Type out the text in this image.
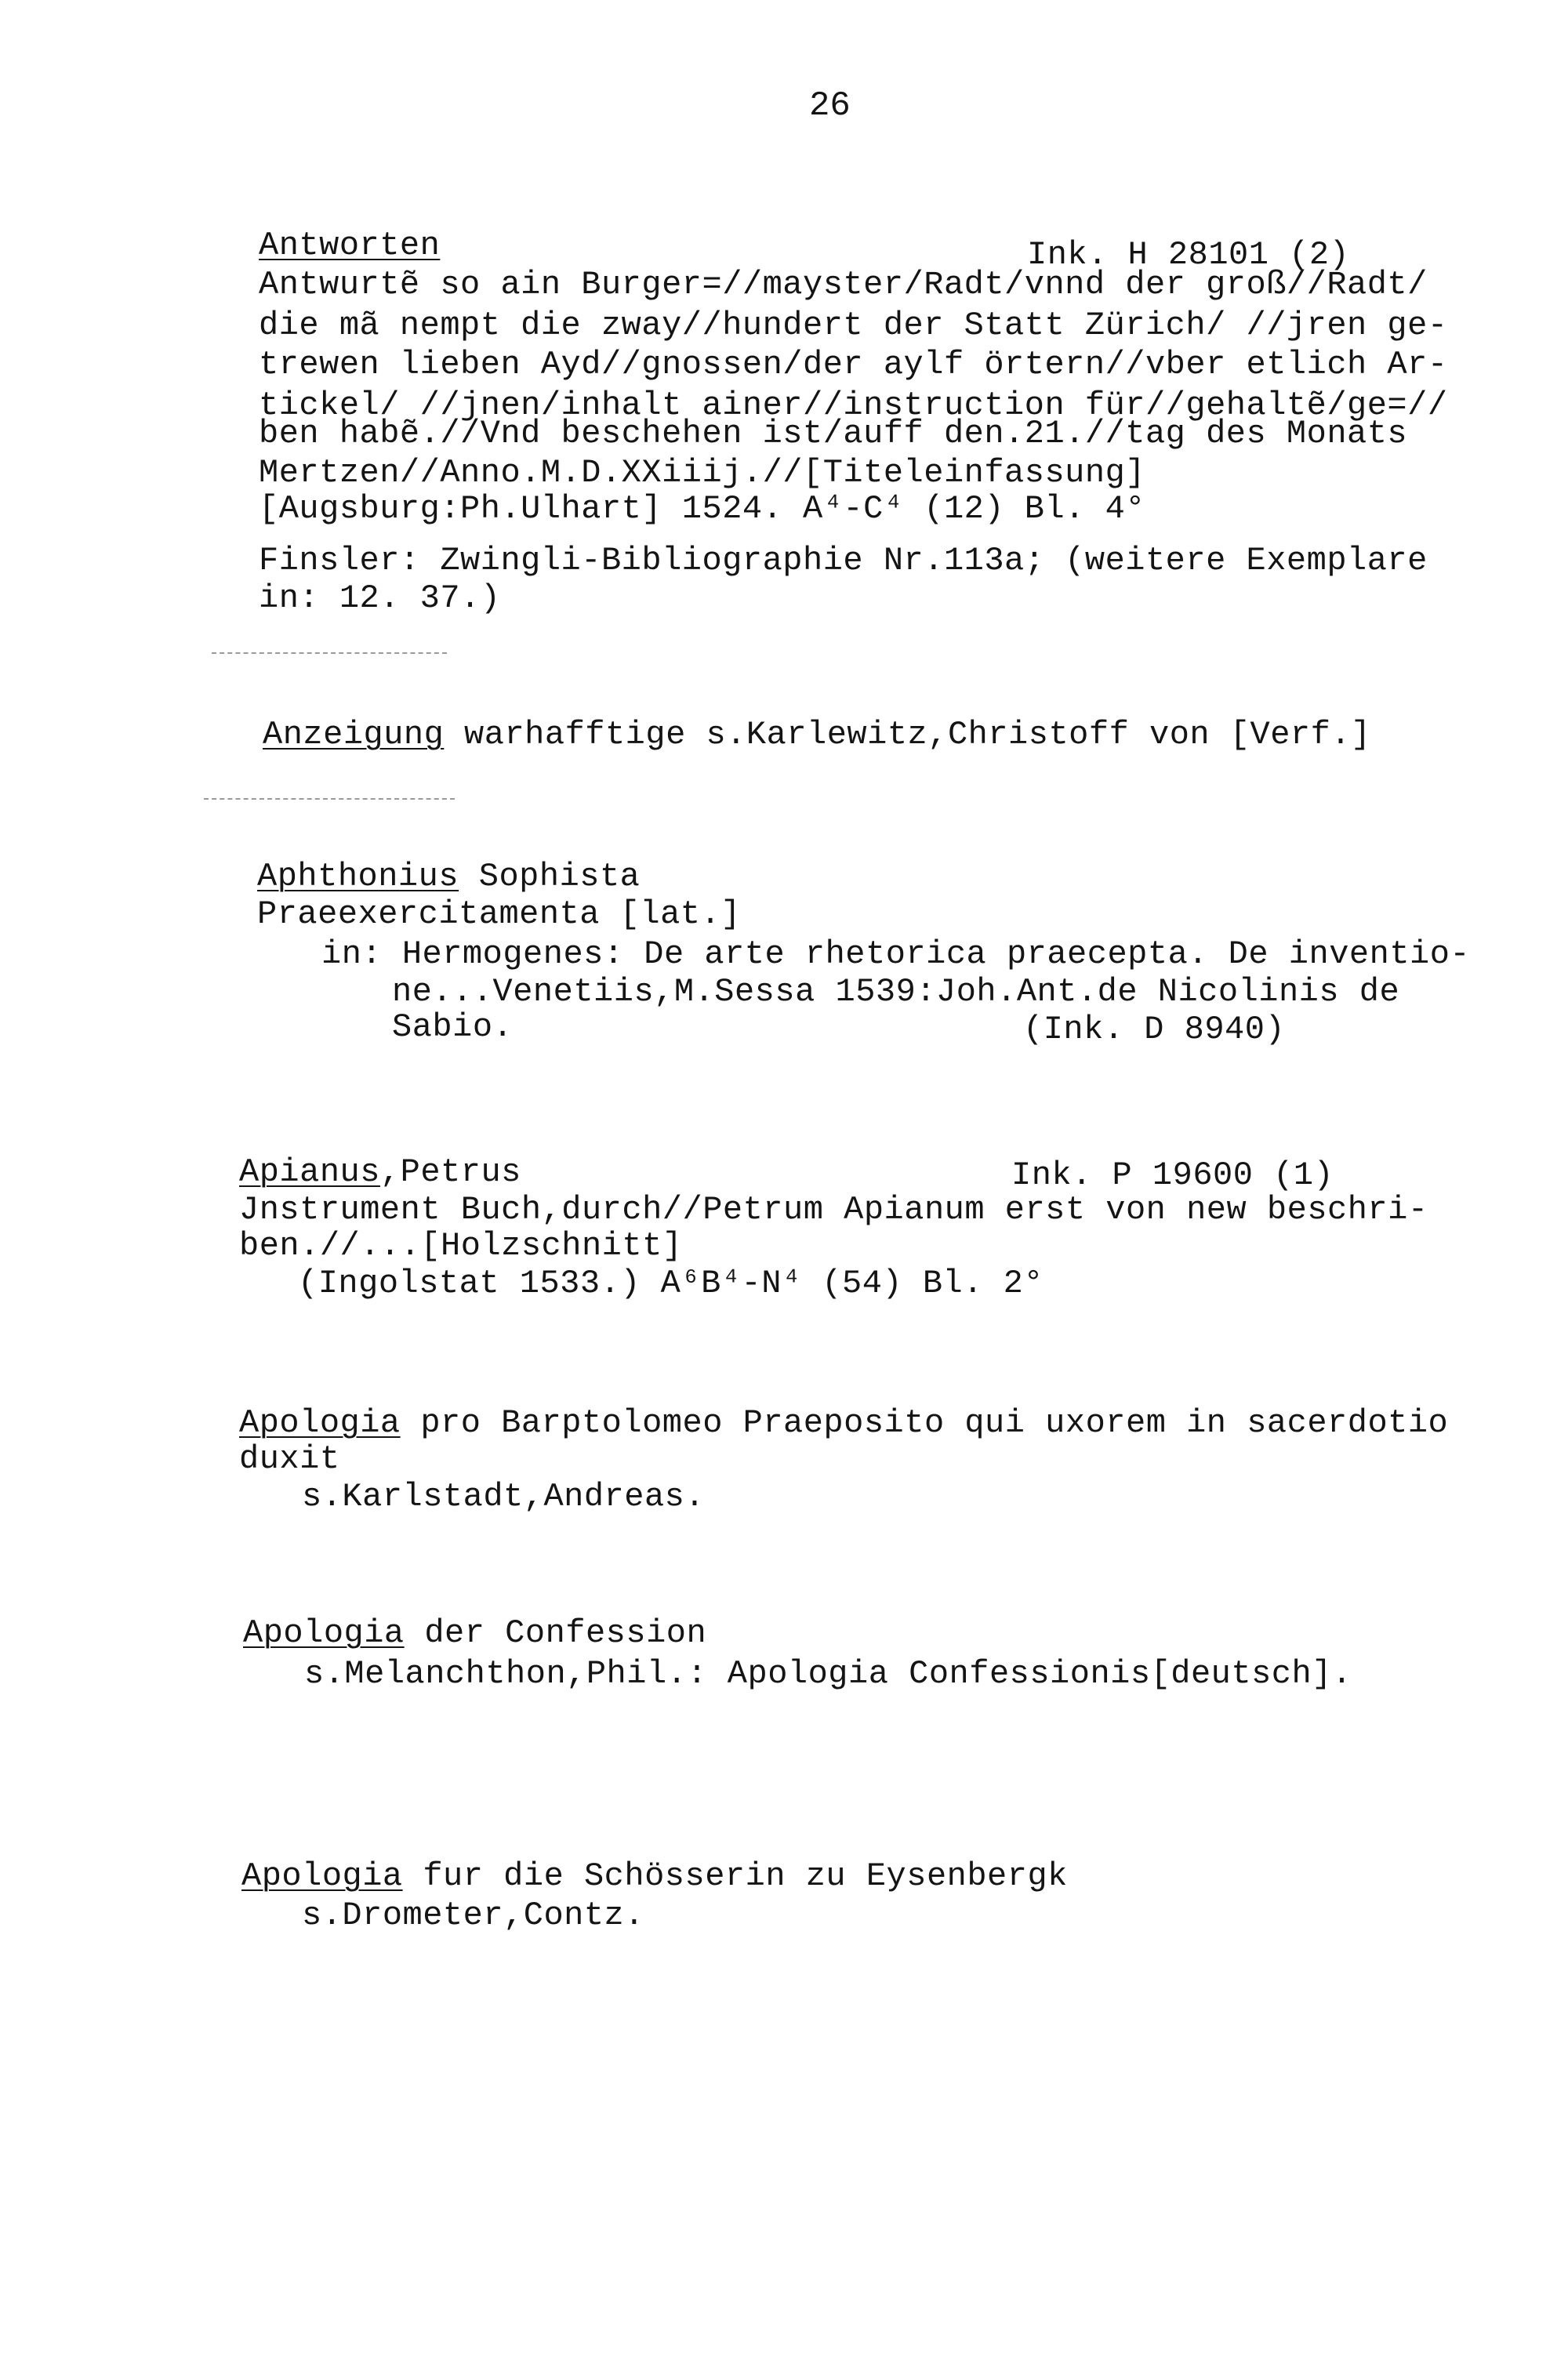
26
Antworten	Ink. H 28101 (2)
Antwurtẽ so ain Burger=//mayster/Radt/vnnd der groß//Radt/
die mã nempt die zway//hundert der Statt Zürich/ //jren ge-
trewen lieben Ayd//gnossen/der aylf örtern//vber etlich Ar-
tickel/ //jnen/inhalt ainer//instruction für//gehaltẽ/ge=//
ben habẽ.//Vnd beschehen ist/auff den.21.//tag des Monats
Mertzen//Anno.M.D.XXiiij.//[Titeleinfassung]
[Augsburg:Ph.Ulhart] 1524. A⁴-C⁴ (12) Bl. 4°
Finsler: Zwingli-Bibliographie Nr.113a; (weitere Exemplare
in: 12. 37.)
Anzeigung warhafftige s.Karlewitz,Christoff von [Verf.]
Aphthonius Sophista
Praeexercitamenta [lat.]
in: Hermogenes: De arte rhetorica praecepta. De inventio-
ne...Venetiis,M.Sessa 1539:Joh.Ant.de Nicolinis de
Sabio.	(Ink. D 8940)
Apianus,Petrus	Ink. P 19600 (1)
Jnstrument Buch,durch//Petrum Apianum erst von new beschri-
ben.//...[Holzschnitt]
(Ingolstat 1533.) A⁶B⁴-N⁴ (54) Bl. 2°
Apologia pro Barptolomeo Praeposito qui uxorem in sacerdotio
duxit
s.Karlstadt,Andreas.
Apologia der Confession
s.Melanchthon,Phil.: Apologia Confessionis[deutsch].
Apologia fur die Schösserin zu Eysenbergk
s.Drometer,Contz.
